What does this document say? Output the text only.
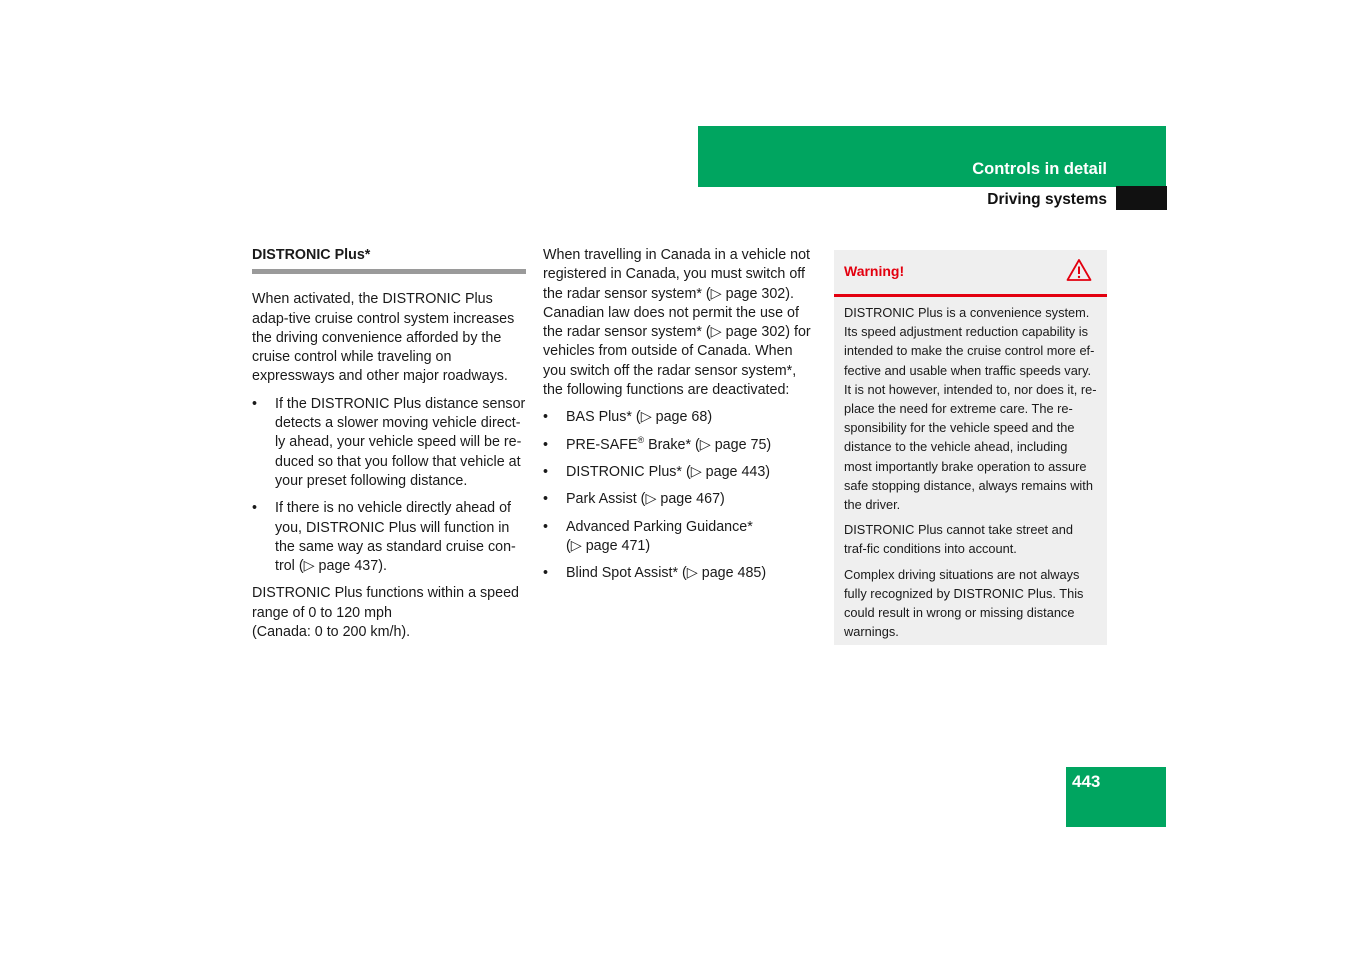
Controls in detail
Driving systems
DISTRONIC Plus*

When activated, the DISTRONIC Plus adap-tive cruise control system increases the driving convenience afforded by the cruise control while traveling on expressways and other major roadways.

• If the DISTRONIC Plus distance sensor detects a slower moving vehicle direct-ly ahead, your vehicle speed will be re-duced so that you follow that vehicle at your preset following distance.
• If there is no vehicle directly ahead of you, DISTRONIC Plus will function in the same way as standard cruise con-trol (▷ page 437).

DISTRONIC Plus functions within a speed range of 0 to 120 mph
(Canada: 0 to 200 km/h).

When travelling in Canada in a vehicle not registered in Canada, you must switch off the radar sensor system* (▷ page 302). Canadian law does not permit the use of the radar sensor system* (▷ page 302) for vehicles from outside of Canada. When you switch off the radar sensor system*, the following functions are deactivated:

• BAS Plus* (▷ page 68)
• PRE-SAFE® Brake* (▷ page 75)
• DISTRONIC Plus* (▷ page 443)
• Park Assist (▷ page 467)
• Advanced Parking Guidance*
(▷ page 471)
• Blind Spot Assist* (▷ page 485)
Warning!

DISTRONIC Plus is a convenience system. Its speed adjustment reduction capability is intended to make the cruise control more ef-fective and usable when traffic speeds vary. It is not however, intended to, nor does it, re-place the need for extreme care. The re-sponsibility for the vehicle speed and the distance to the vehicle ahead, including most importantly brake operation to assure safe stopping distance, always remains with the driver.

DISTRONIC Plus cannot take street and traf-fic conditions into account.

Complex driving situations are not always fully recognized by DISTRONIC Plus. This could result in wrong or missing distance warnings.

443
